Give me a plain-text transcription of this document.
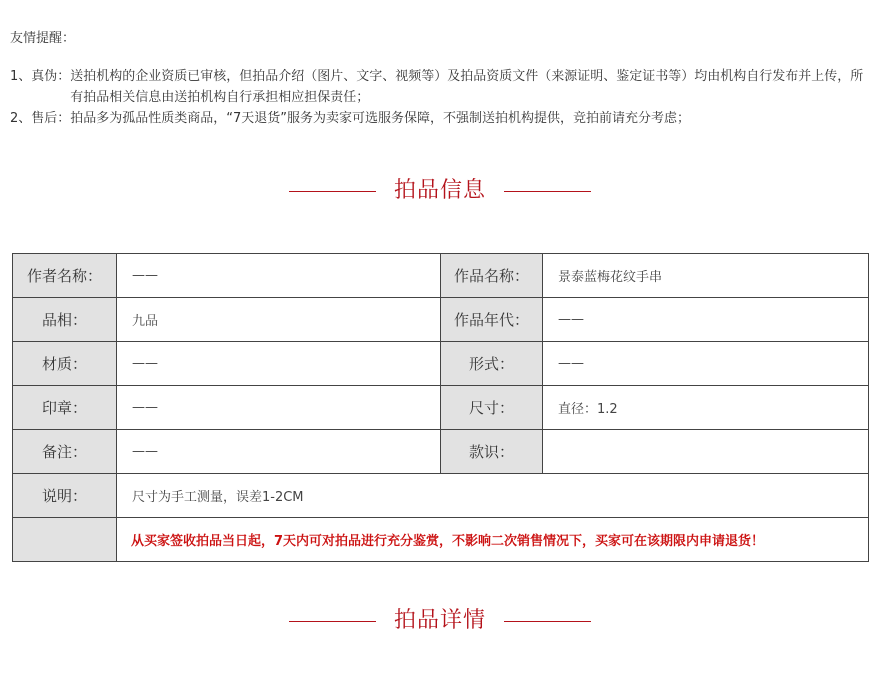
友情提醒：
1、真伪： 送拍机构的企业资质已审核，但拍品介绍（图片、文字、视频等）及拍品资质文件（来源证明、鉴定证书等）均由机构自行发布并上传，所有拍品相关信息由送拍机构自行承担相应担保责任；
2、售后： 拍品多为孤品性质类商品，“7天退货”服务为卖家可选服务保障，不强制送拍机构提供，竞拍前请充分考虑；
拍品信息
作者名称：	——	作品名称：	景泰蓝梅花纹手串
品相：	九品	作品年代：	——
材质：	——	形式：	——
印章：	——	尺寸：	直径：1.2
备注：	——	款识：	
说明：	尺寸为手工测量，误差1-2CM		
	从买家签收拍品当日起，7天内可对拍品进行充分鉴赏，不影响二次销售情况下，买家可在该期限内申请退货！		
拍品详情
